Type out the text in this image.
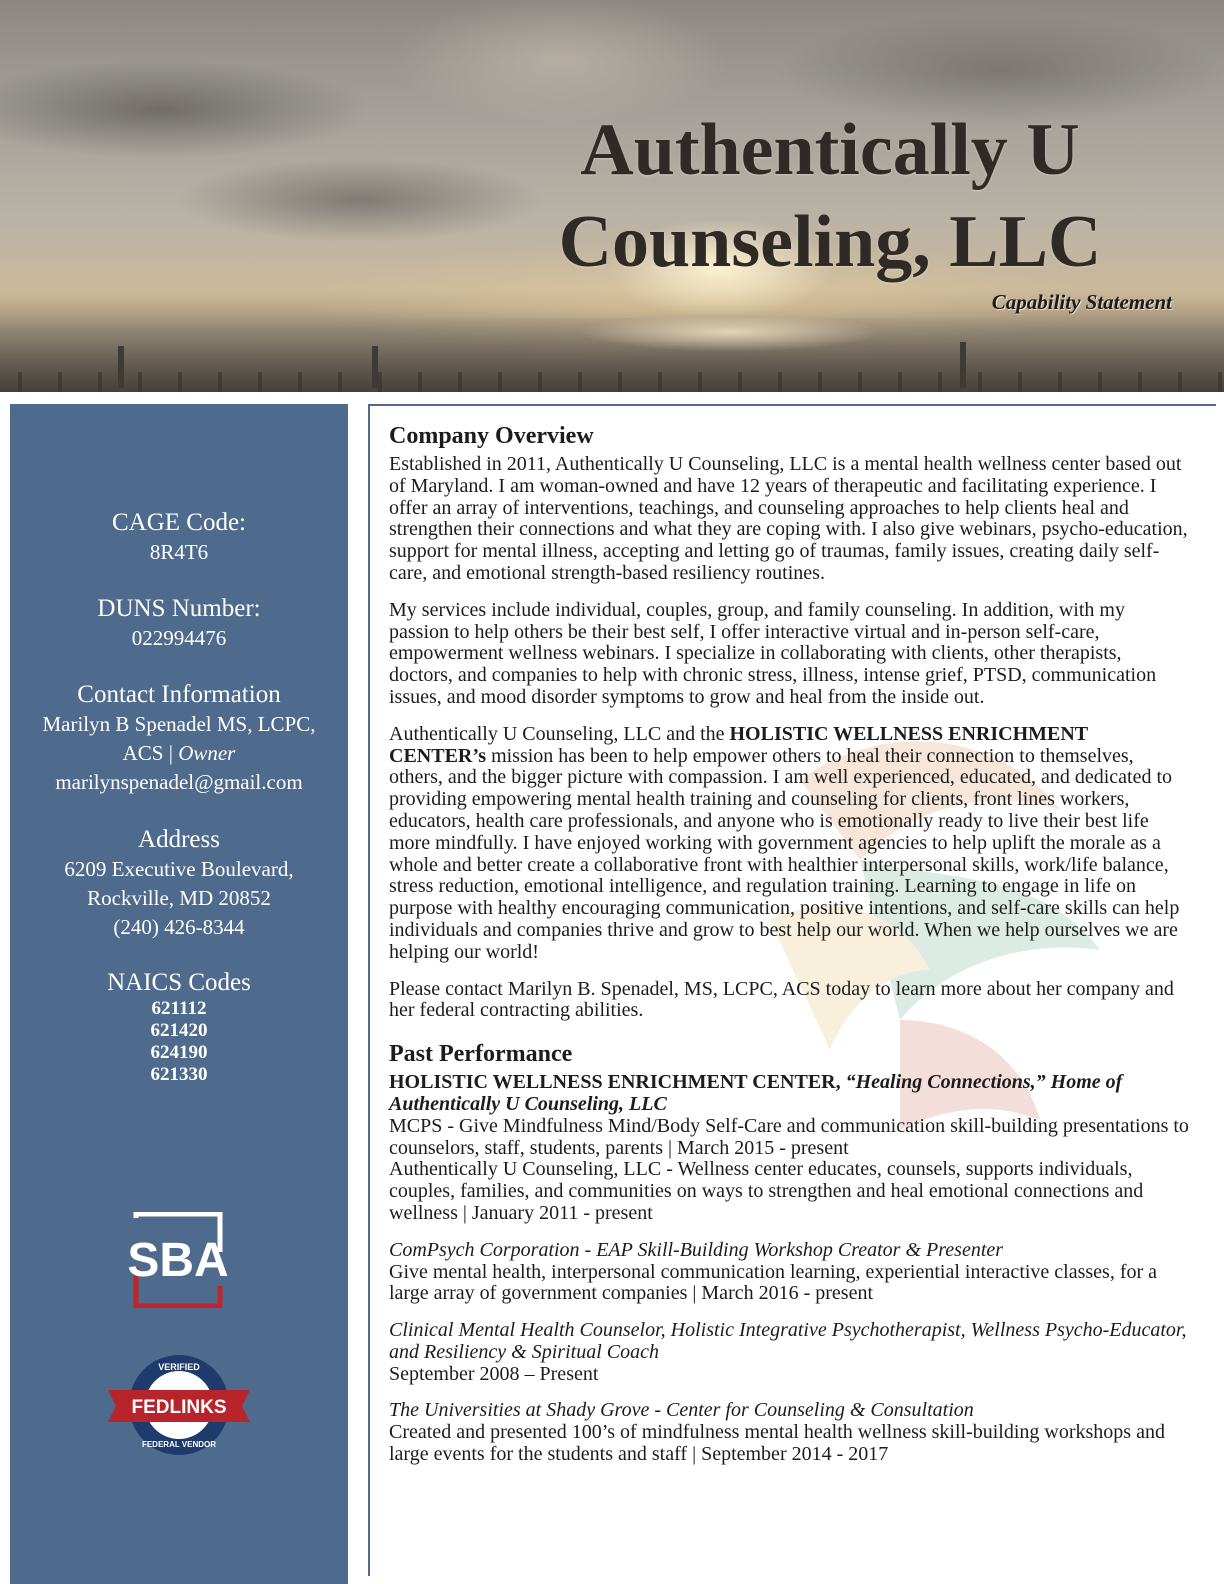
Authentically U
Counseling, LLC
Capability Statement

CAGE Code:

8R4T6

DUNS Number:

022994476

Contact Information

Marilyn B Spenadel MS, LCPC,

ACS | Owner

marilynspenadel@gmail.com

Address

6209 Executive Boulevard,

Rockville, MD 20852

(240) 426-8344

NAICS Codes

621112

621420

624190

621330

SBA
FEDLINKS
VERIFIED
★ ★ ★
FEDERAL VENDOR
Company Overview

Established in 2011, Authentically U Counseling, LLC is a mental health wellness center based out of Maryland. I am woman-owned and have 12 years of therapeutic and facilitating experience. I offer an array of interventions, teachings, and counseling approaches to help clients heal and strengthen their connections and what they are coping with. I also give webinars, psycho-education, support for mental illness, accepting and letting go of traumas, family issues, creating daily self-care, and emotional strength-based resiliency routines.

My services include individual, couples, group, and family counseling. In addition, with my passion to help others be their best self, I offer interactive virtual and in-person self-care, empowerment wellness webinars. I specialize in collaborating with clients, other therapists, doctors, and companies to help with chronic stress, illness, intense grief, PTSD, communication issues, and mood disorder symptoms to grow and heal from the inside out.

Authentically U Counseling, LLC and the HOLISTIC WELLNESS ENRICHMENT CENTER’s mission has been to help empower others to heal their connection to themselves, others, and the bigger picture with compassion. I am well experienced, educated, and dedicated to providing empowering mental health training and counseling for clients, front lines workers, educators, health care professionals, and anyone who is emotionally ready to live their best life more mindfully. I have enjoyed working with government agencies to help uplift the morale as a whole and better create a collaborative front with healthier interpersonal skills, work/life balance, stress reduction, emotional intelligence, and regulation training. Learning to engage in life on purpose with healthy encouraging communication, positive intentions, and self-care skills can help individuals and companies thrive and grow to best help our world. When we help ourselves we are helping our world!

Please contact Marilyn B. Spenadel, MS, LCPC, ACS today to learn more about her company and her federal contracting abilities.

Past Performance

HOLISTIC WELLNESS ENRICHMENT CENTER, “Healing Connections,” Home of Authentically U Counseling, LLC

MCPS - Give Mindfulness Mind/Body Self-Care and communication skill-building presentations to counselors, staff, students, parents | March 2015 - present

Authentically U Counseling, LLC - Wellness center educates, counsels, supports individuals, couples, families, and communities on ways to strengthen and heal emotional connections and wellness | January 2011 - present

ComPsych Corporation - EAP Skill-Building Workshop Creator & Presenter

Give mental health, interpersonal communication learning, experiential interactive classes, for a large array of government companies | March 2016 - present

Clinical Mental Health Counselor, Holistic Integrative Psychotherapist, Wellness Psycho-Educator, and Resiliency & Spiritual Coach

September 2008 – Present

The Universities at Shady Grove - Center for Counseling & Consultation

Created and presented 100’s of mindfulness mental health wellness skill-building workshops and large events for the students and staff | September 2014 - 2017
